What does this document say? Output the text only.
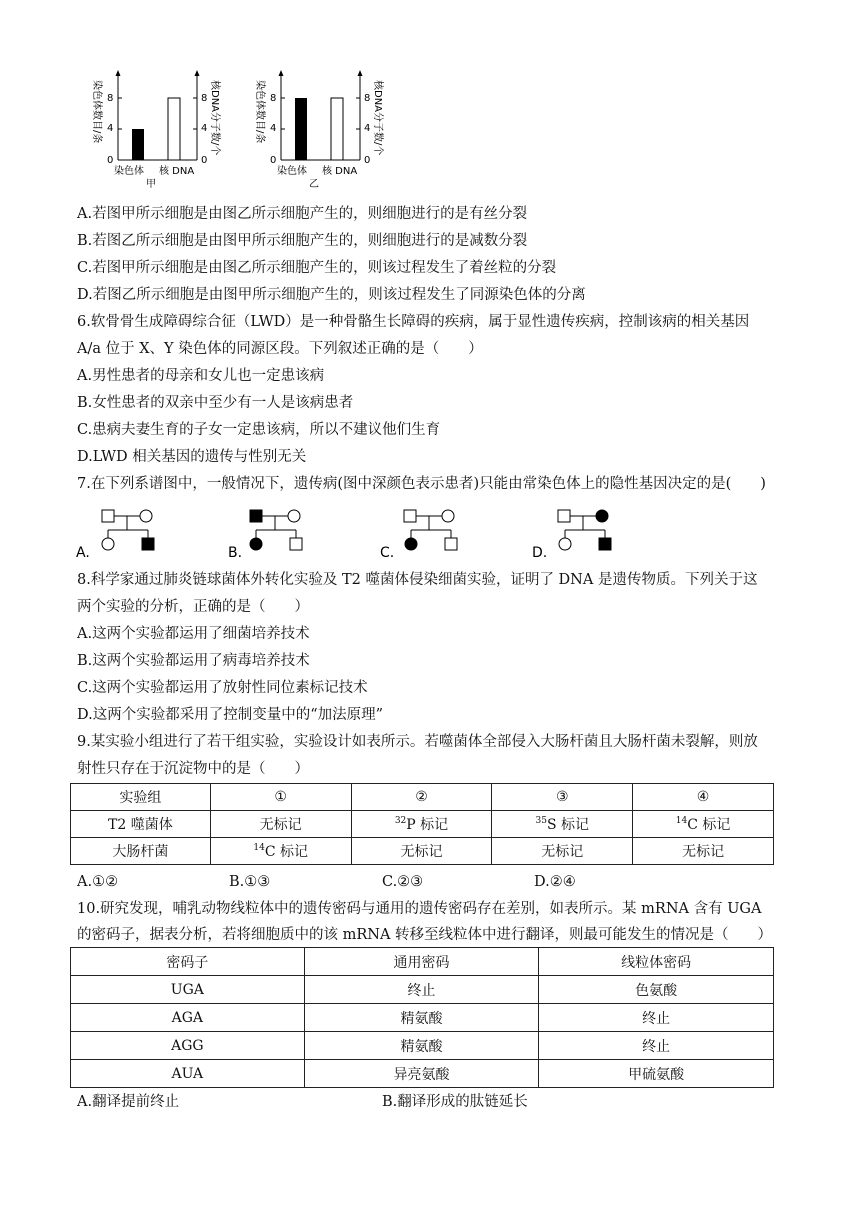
染色体数目/条 8
4
0
8
4
0
染色体 核 DNA
甲
核DNA分子数/个	染色体数目/条 8
4
0
8
4
0
染色体 核 DNA
乙
核DNA分子数/个
A.若图甲所示细胞是由图乙所示细胞产生的，则细胞进行的是有丝分裂
B.若图乙所示细胞是由图甲所示细胞产生的，则细胞进行的是减数分裂
C.若图甲所示细胞是由图乙所示细胞产生的，则该过程发生了着丝粒的分裂
D.若图乙所示细胞是由图甲所示细胞产生的，则该过程发生了同源染色体的分离
6.软骨骨生成障碍综合征（LWD）是一种骨骼生长障碍的疾病，属于显性遗传疾病，控制该病的相关基因
A/a 位于 X、Y 染色体的同源区段。下列叙述正确的是（　　）
A.男性患者的母亲和女儿也一定患该病
B.女性患者的双亲中至少有一人是该病患者
C.患病夫妻生育的子女一定患该病，所以不建议他们生育
D.LWD 相关基因的遗传与性别无关
7.在下列系谱图中，一般情况下，遗传病(图中深颜色表示患者)只能由常染色体上的隐性基因决定的是(　　)
A.	B.	C.	D.
8.科学家通过肺炎链球菌体外转化实验及 T2 噬菌体侵染细菌实验，证明了 DNA 是遗传物质。下列关于这
两个实验的分析，正确的是（　　）
A.这两个实验都运用了细菌培养技术
B.这两个实验都运用了病毒培养技术
C.这两个实验都运用了放射性同位素标记技术
D.这两个实验都采用了控制变量中的“加法原理”
9.某实验小组进行了若干组实验，实验设计如表所示。若噬菌体全部侵入大肠杆菌且大肠杆菌未裂解，则放
射性只存在于沉淀物中的是（　　）
实验组	①	②	③	④
T2 噬菌体	无标记	$^{32}$P 标记	$^{35}$S 标记	$^{14}$C 标记
大肠杆菌	$^{14}$C 标记	无标记	无标记	无标记
A.①②	B.①③	C.②③	D.②④
10.研究发现，哺乳动物线粒体中的遗传密码与通用的遗传密码存在差别，如表所示。某 mRNA 含有 UGA
的密码子，据表分析，若将细胞质中的该 mRNA 转移至线粒体中进行翻译，则最可能发生的情况是（　　）
密码子	通用密码	线粒体密码
UGA	终止	色氨酸
AGA	精氨酸	终止
AGG	精氨酸	终止
AUA	异亮氨酸	甲硫氨酸
A.翻译提前终止	B.翻译形成的肽链延长
